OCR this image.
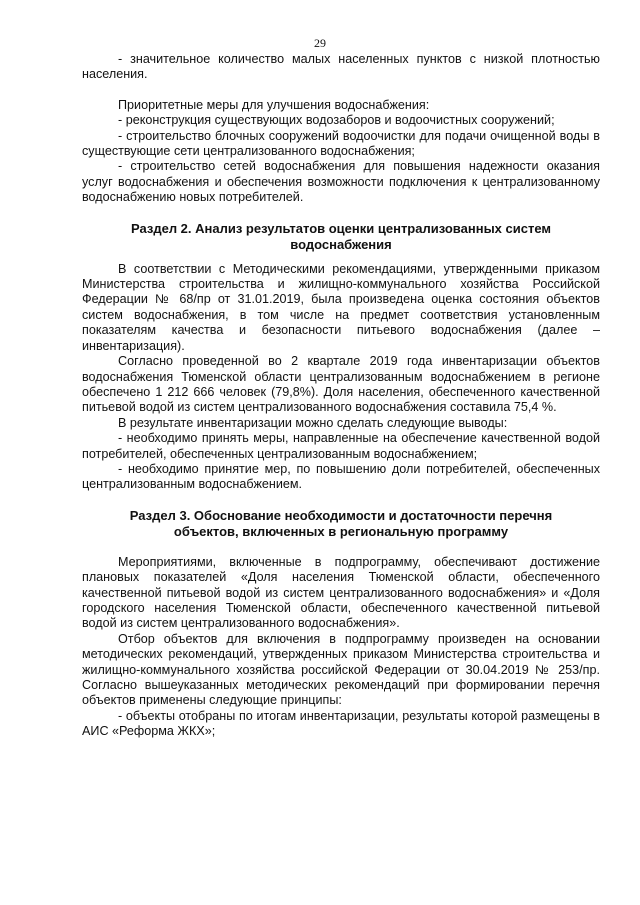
29

- значительное количество малых населенных пунктов с низкой плотностью населения.

Приоритетные меры для улучшения водоснабжения:

- реконструкция существующих водозаборов и водоочистных сооружений;

- строительство блочных сооружений водоочистки для подачи очищенной воды в существующие сети централизованного водоснабжения;

- строительство сетей водоснабжения для повышения надежности оказания услуг водоснабжения и обеспечения возможности подключения к централизованному водоснабжению новых потребителей.

Раздел 2. Анализ результатов оценки централизованных систем водоснабжения

В соответствии с Методическими рекомендациями, утвержденными приказом Министерства строительства и жилищно-коммунального хозяйства Российской Федерации № 68/пр от 31.01.2019, была произведена оценка состояния объектов систем водоснабжения, в том числе на предмет соответствия установленным показателям качества и безопасности питьевого водоснабжения (далее – инвентаризация).

Согласно проведенной во 2 квартале 2019 года инвентаризации объектов водоснабжения Тюменской области централизованным водоснабжением в регионе обеспечено 1 212 666 человек (79,8%). Доля населения, обеспеченного качественной питьевой водой из систем централизованного водоснабжения составила 75,4 %.

В результате инвентаризации можно сделать следующие выводы:

- необходимо принять меры, направленные на обеспечение качественной водой потребителей, обеспеченных централизованным водоснабжением;

- необходимо принятие мер, по повышению доли потребителей, обеспеченных централизованным водоснабжением.

Раздел 3. Обоснование необходимости и достаточности перечня объектов, включенных в региональную программу

Мероприятиями, включенные в подпрограмму, обеспечивают достижение плановых показателей «Доля населения Тюменской области, обеспеченного качественной питьевой водой из систем централизованного водоснабжения» и «Доля городского населения Тюменской области, обеспеченного качественной питьевой водой из систем централизованного водоснабжения».

Отбор объектов для включения в подпрограмму произведен на основании методических рекомендаций, утвержденных приказом Министерства строительства и жилищно-коммунального хозяйства российской Федерации от 30.04.2019 № 253/пр. Согласно вышеуказанных методических рекомендаций при формировании перечня объектов применены следующие принципы:

- объекты отобраны по итогам инвентаризации, результаты которой размещены в АИС «Реформа ЖКХ»;
